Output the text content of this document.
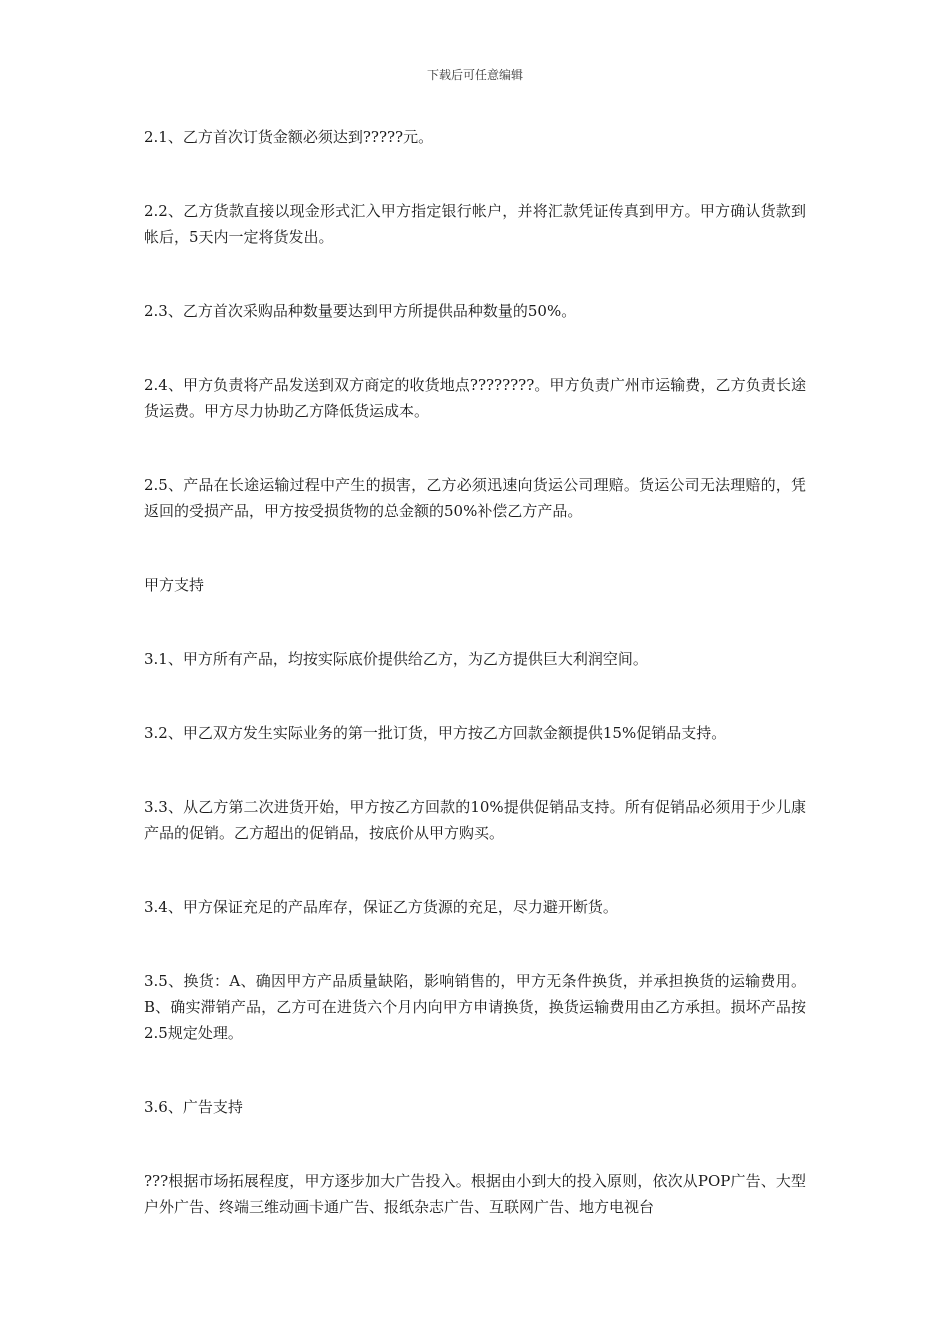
下载后可任意编辑

2.1、乙方首次订货金额必须达到?????元。

2.2、乙方货款直接以现金形式汇入甲方指定银行帐户，并将汇款凭证传真到甲方。甲方确认货款到帐后，5天内一定将货发出。

2.3、乙方首次采购品种数量要达到甲方所提供品种数量的50%。

2.4、甲方负责将产品发送到双方商定的收货地点????????。甲方负责广州市运输费，乙方负责长途货运费。甲方尽力协助乙方降低货运成本。

2.5、产品在长途运输过程中产生的损害，乙方必须迅速向货运公司理赔。货运公司无法理赔的，凭返回的受损产品，甲方按受损货物的总金额的50%补偿乙方产品。

甲方支持

3.1、甲方所有产品，均按实际底价提供给乙方，为乙方提供巨大利润空间。

3.2、甲乙双方发生实际业务的第一批订货，甲方按乙方回款金额提供15%促销品支持。

3.3、从乙方第二次进货开始，甲方按乙方回款的10%提供促销品支持。所有促销品必须用于少儿康产品的促销。乙方超出的促销品，按底价从甲方购买。

3.4、甲方保证充足的产品库存，保证乙方货源的充足，尽力避开断货。

3.5、换货：A、确因甲方产品质量缺陷，影响销售的，甲方无条件换货，并承担换货的运输费用。B、确实滞销产品，乙方可在进货六个月内向甲方申请换货，换货运输费用由乙方承担。损坏产品按2.5规定处理。

3.6、广告支持

???根据市场拓展程度，甲方逐步加大广告投入。根据由小到大的投入原则，依次从POP广告、大型户外广告、终端三维动画卡通广告、报纸杂志广告、互联网广告、地方电视台
